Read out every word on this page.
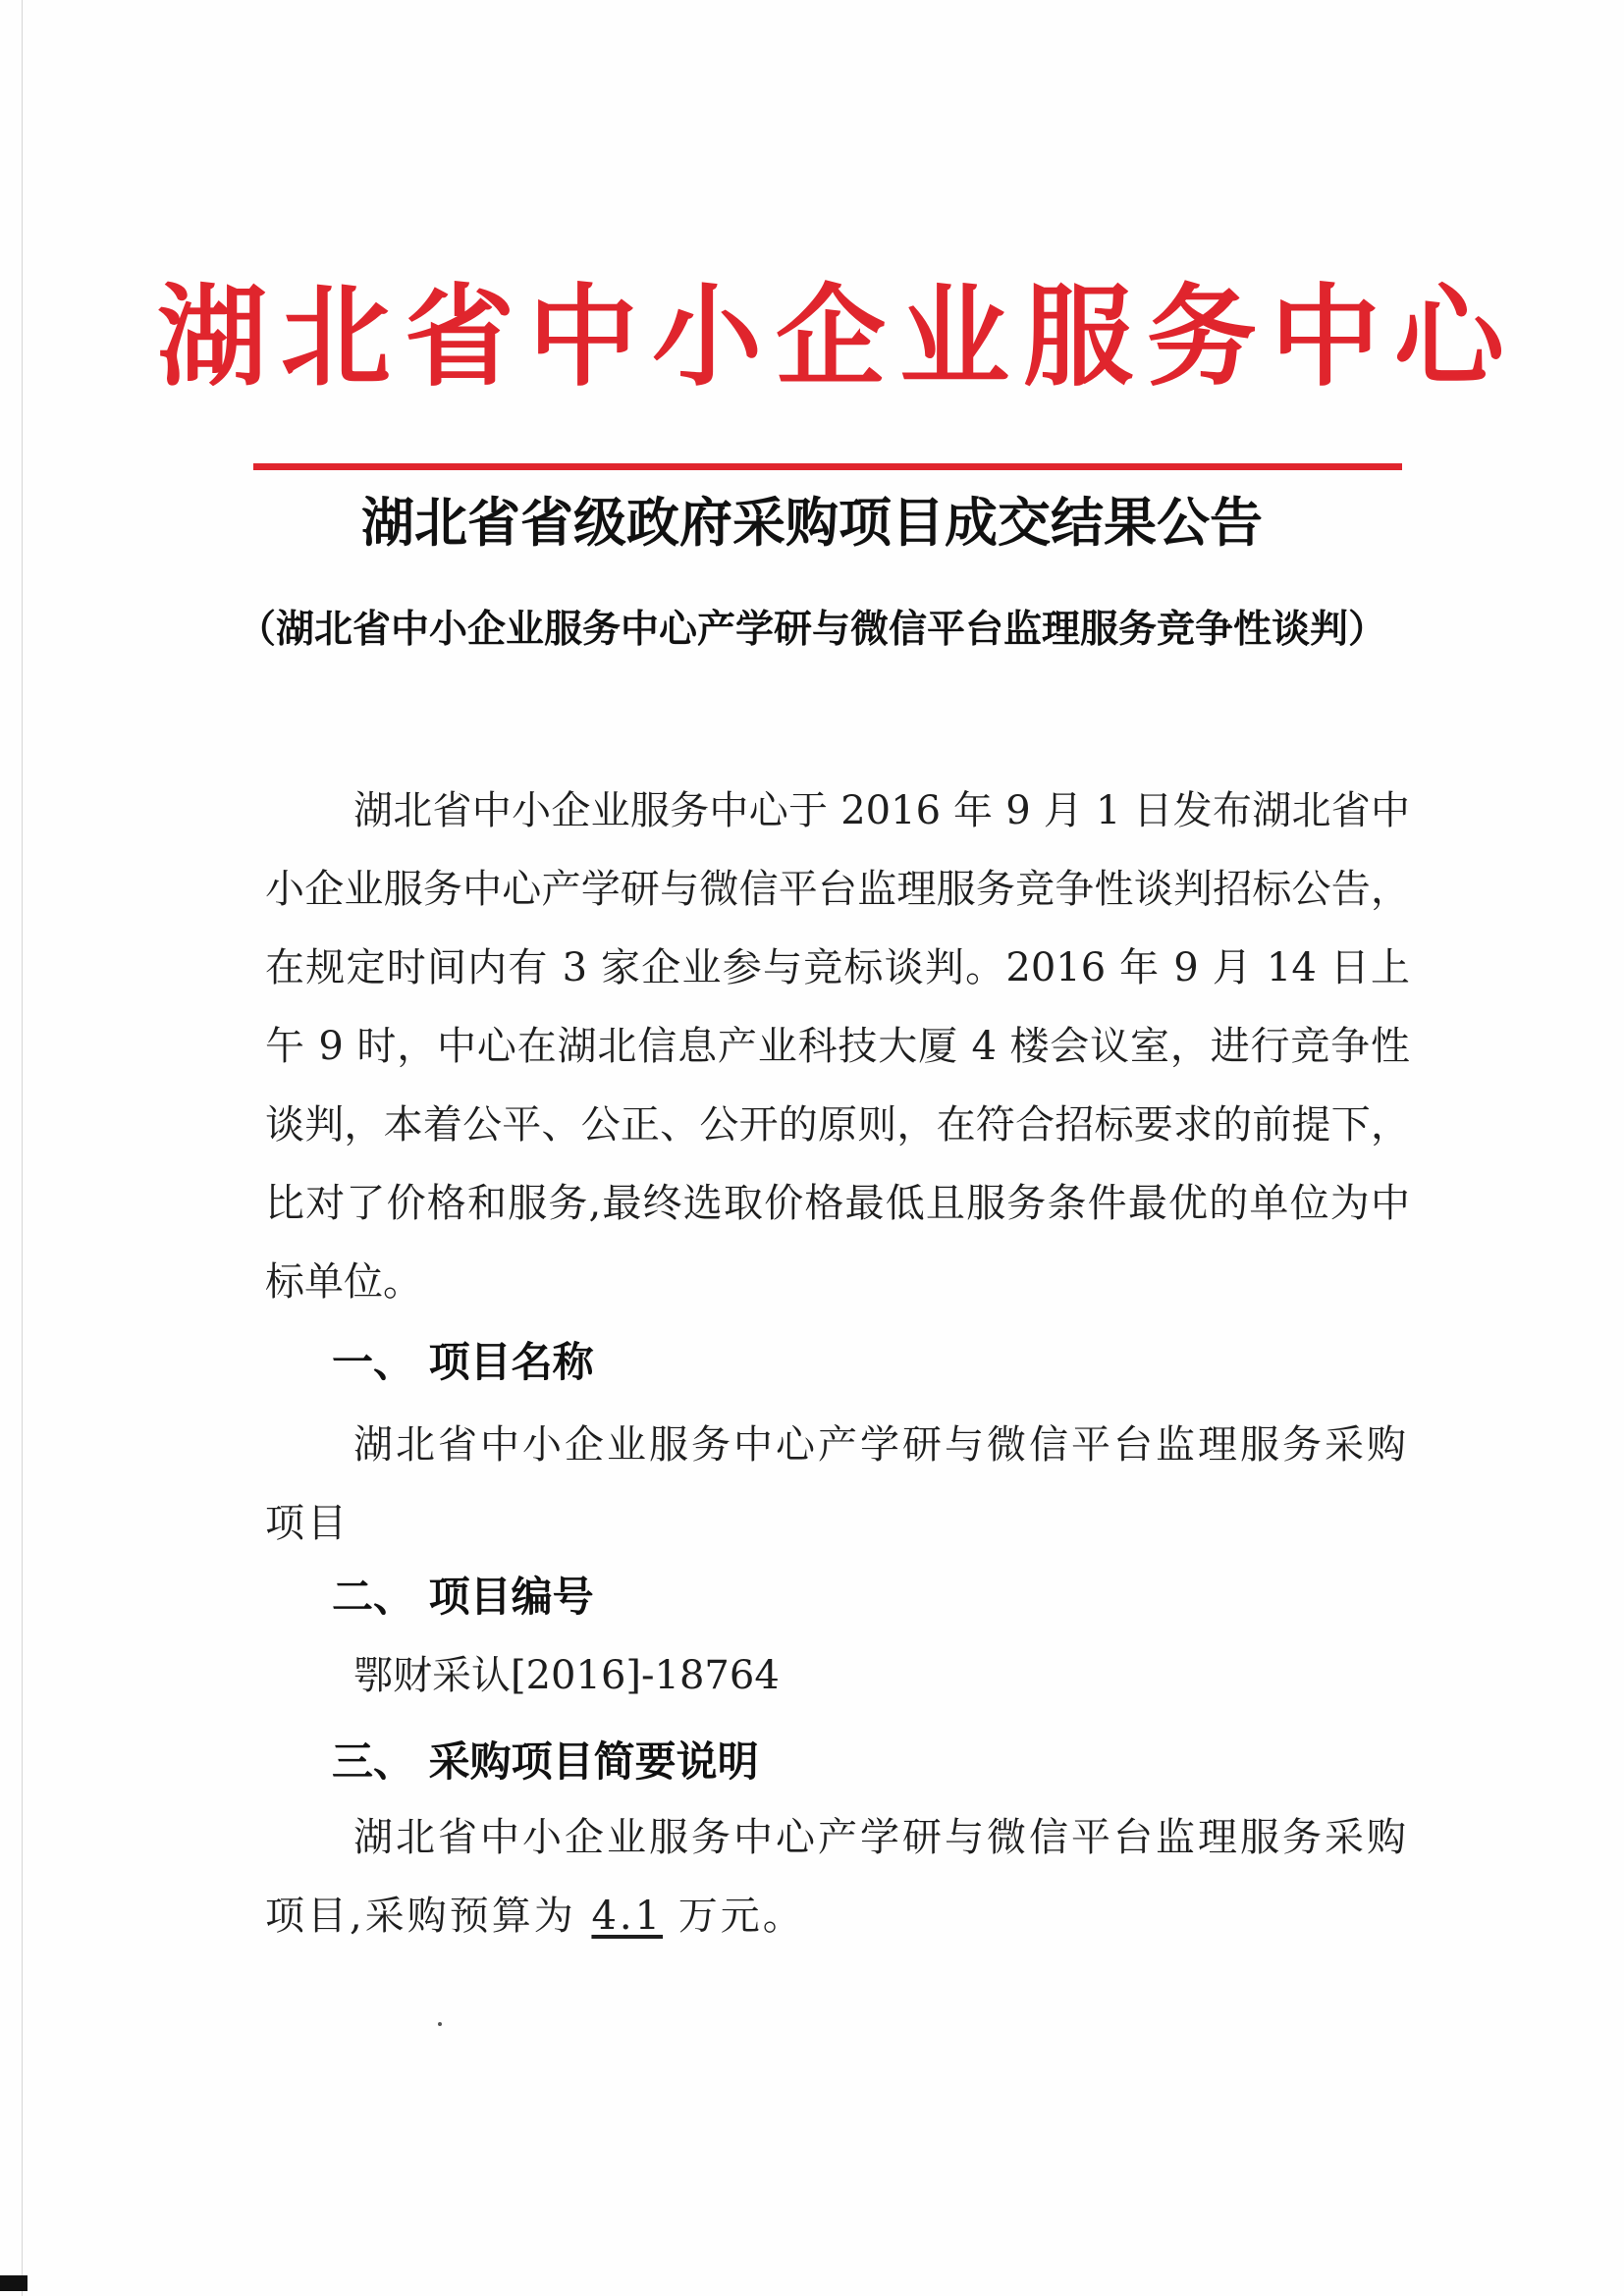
湖北省中小企业服务中心
湖北省省级政府采购项目成交结果公告
（湖北省中小企业服务中心产学研与微信平台监理服务竞争性谈判）

湖北省中小企业服务中心于 2016 年 9 月 1 日发布湖北省中小企业服务中心产学研与微信平台监理服务竞争性谈判招标公告，在规定时间内有 3 家企业参与竞标谈判。2016 年 9 月 14 日上午 9 时，中心在湖北信息产业科技大厦 4 楼会议室，进行竞争性谈判，本着公平、公正、公开的原则，在符合招标要求的前提下，比对了价格和服务,最终选取价格最低且服务条件最优的单位为中标单位。

一、 项目名称

湖北省中小企业服务中心产学研与微信平台监理服务采购项目

二、 项目编号

鄂财采认[2016]-18764

三、 采购项目简要说明

湖北省中小企业服务中心产学研与微信平台监理服务采购项目,采购预算为 4.1 万元。
